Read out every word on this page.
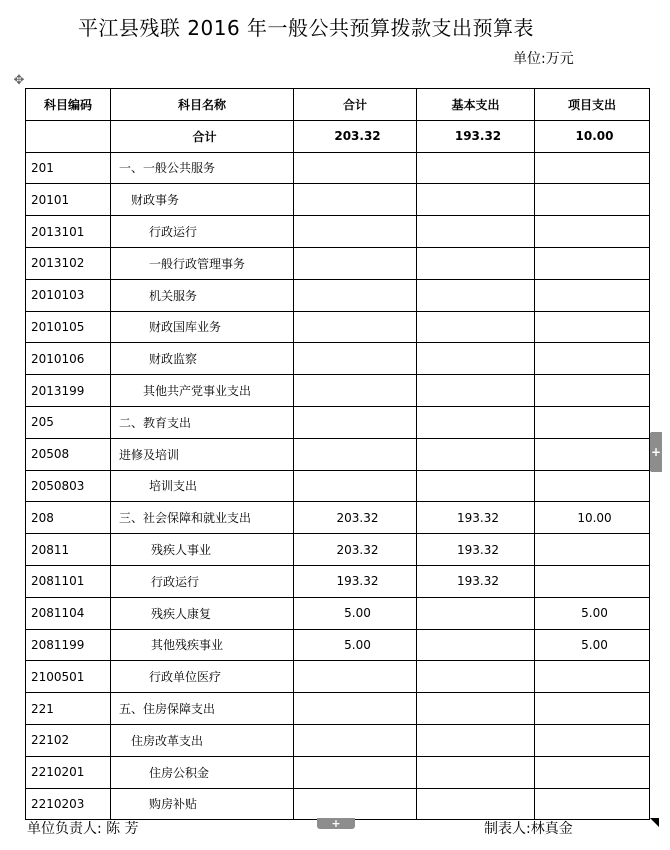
平江县残联 2016 年一般公共预算拨款支出预算表
单位:万元
✥
科目编码	科目名称	合计	基本支出	项目支出
	合计	203.32	193.32	10.00
201	一、一般公共服务			
20101	财政事务			
2013101	行政运行			
2013102	一般行政管理事务			
2010103	机关服务			
2010105	财政国库业务			
2010106	财政监察			
2013199	其他共产党事业支出			
205	二、教育支出			
20508	进修及培训			
2050803	培训支出			
208	三、社会保障和就业支出	203.32	193.32	10.00
20811	残疾人事业	203.32	193.32	
2081101	行政运行	193.32	193.32	
2081104	残疾人康复	5.00		5.00
2081199	其他残疾事业	5.00		5.00
2100501	行政单位医疗			
221	五、住房保障支出			
22102	住房改革支出			
2210201	住房公积金			
2210203	购房补贴			
+
+
单位负责人: 陈 芳	制表人:林真金
